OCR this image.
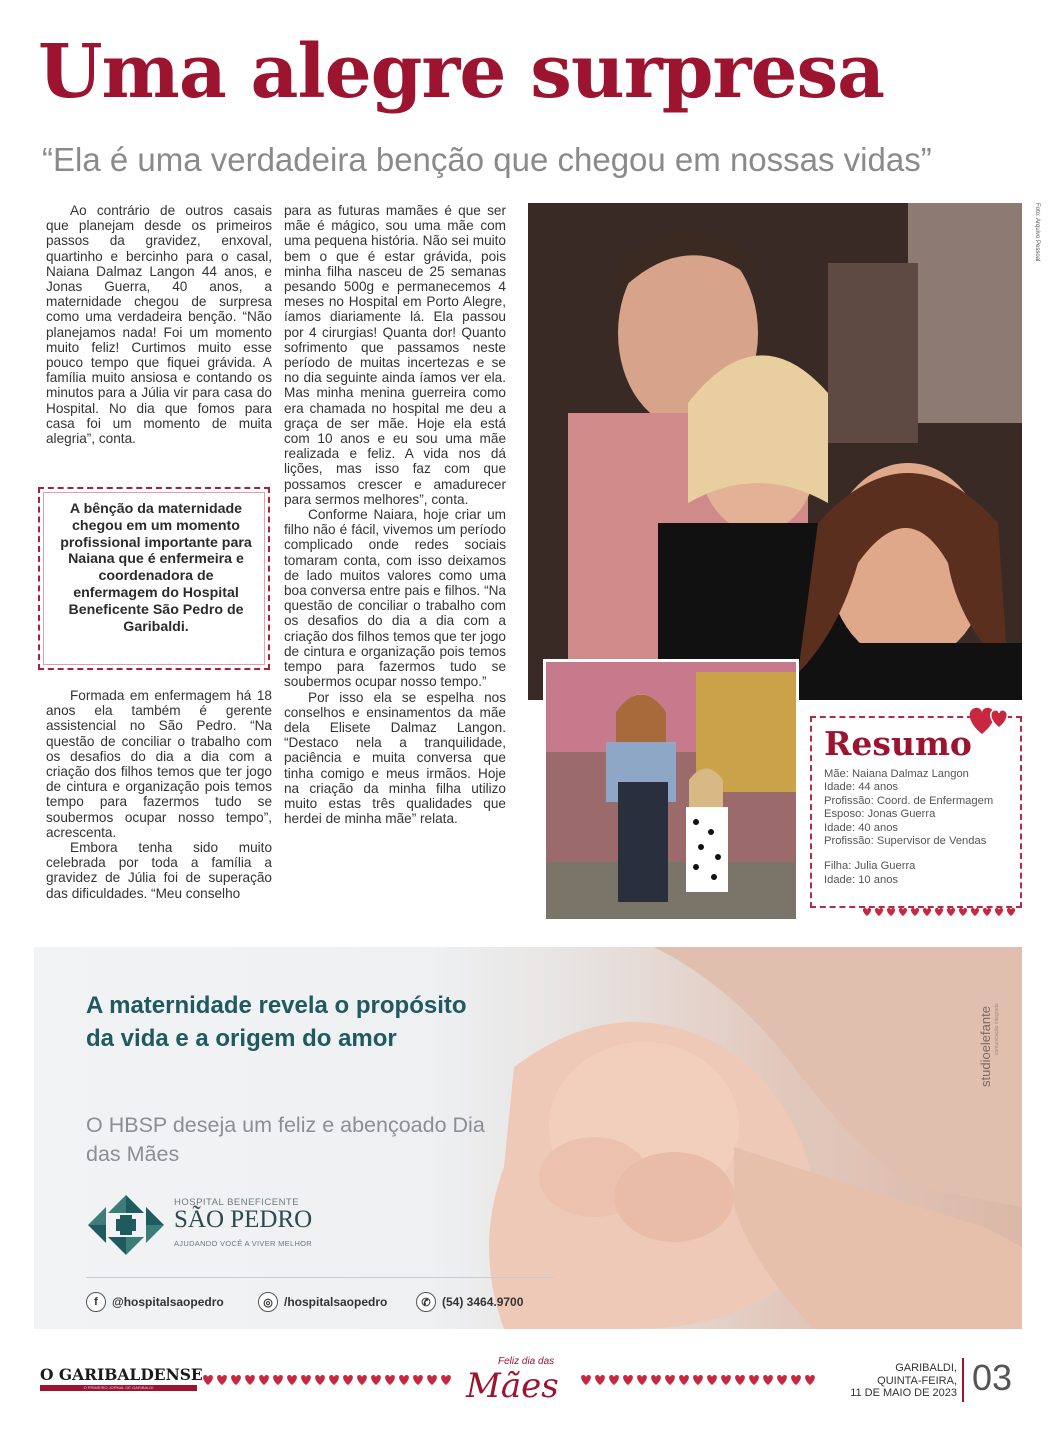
Uma alegre surpresa
“Ela é uma verdadeira benção que chegou em nossas vidas”

Ao contrário de outros casais que planejam desde os primeiros passos da gravidez, enxoval, quartinho e bercinho para o casal, Naiana Dalmaz Langon 44 anos, e Jonas Guerra, 40 anos, a maternidade chegou de surpresa como uma verdadeira benção. “Não planejamos nada! Foi um momento muito feliz! Curtimos muito esse pouco tempo que fiquei grávida. A família muito ansiosa e contando os minutos para a Júlia vir para casa do Hospital. No dia que fomos para casa foi um momento de muita alegria”, conta.

A bênção da maternidade chegou em um momento profissional importante para Naiana que é enfermeira e coordenadora de enfermagem do Hospital Beneficente São Pedro de Garibaldi.

Formada em enfermagem há 18 anos ela também é gerente assistencial no São Pedro. “Na questão de conciliar o trabalho com os desafios do dia a dia com a criação dos filhos temos que ter jogo de cintura e organização pois temos tempo para fazermos tudo se soubermos ocupar nosso tempo”, acrescenta.

Embora tenha sido muito celebrada por toda a família a gravidez de Júlia foi de superação das dificuldades. “Meu conselho

para as futuras mamães é que ser mãe é mágico, sou uma mãe com uma pequena história. Não sei muito bem o que é estar grávida, pois minha filha nasceu de 25 semanas pesando 500g e permanecemos 4 meses no Hospital em Porto Alegre, íamos diariamente lá. Ela passou por 4 cirurgias! Quanta dor! Quanto sofrimento que passamos neste período de muitas incertezas e se no dia seguinte ainda íamos ver ela. Mas minha menina guerreira como era chamada no hospital me deu a graça de ser mãe. Hoje ela está com 10 anos e eu sou uma mãe realizada e feliz. A vida nos dá lições, mas isso faz com que possamos crescer e amadurecer para sermos melhores”, conta.

Conforme Naiara, hoje criar um filho não é fácil, vivemos um período complicado onde redes sociais tomaram conta, com isso deixamos de lado muitos valores como uma boa conversa entre pais e filhos. “Na questão de conciliar o trabalho com os desafios do dia a dia com a criação dos filhos temos que ter jogo de cintura e organização pois temos tempo para fazermos tudo se soubermos ocupar nosso tempo.”

Por isso ela se espelha nos conselhos e ensinamentos da mãe dela Elisete Dalmaz Langon. “Destaco nela a tranquilidade, paciência e muita conversa que tinha comigo e meus irmãos. Hoje na criação da minha filha utilizo muito estas três qualidades que herdei de minha mãe” relata.

Foto: Arquivo Pessoal
Resumo
Mãe: Naiana Dalmaz Langon
Idade: 44 anos
Profissão: Coord. de Enfermagem
Esposo: Jonas Guerra
Idade: 40 anos
Profissão: Supervisor de Vendas
Filha: Julia Guerra
Idade: 10 anos
A maternidade revela o propósito da vida e a origem do amor
O HBSP deseja um feliz e abençoado Dia das Mães
HOSPITAL BENEFICENTE
SÃO PEDRO
AJUDANDO VOCÊ A VIVER MELHOR
f	@hospitalsaopedro	◎ /hospitalsaopedro	✆ (54) 3464.9700
studioelefante comunicação integrada
O GARIBALDENSE
O PRIMEIRO JORNAL DE GARIBALDI
Feliz dia das
Mães	GARIBALDI,
QUINTA-FEIRA,
11 DE MAIO DE 2023 03
